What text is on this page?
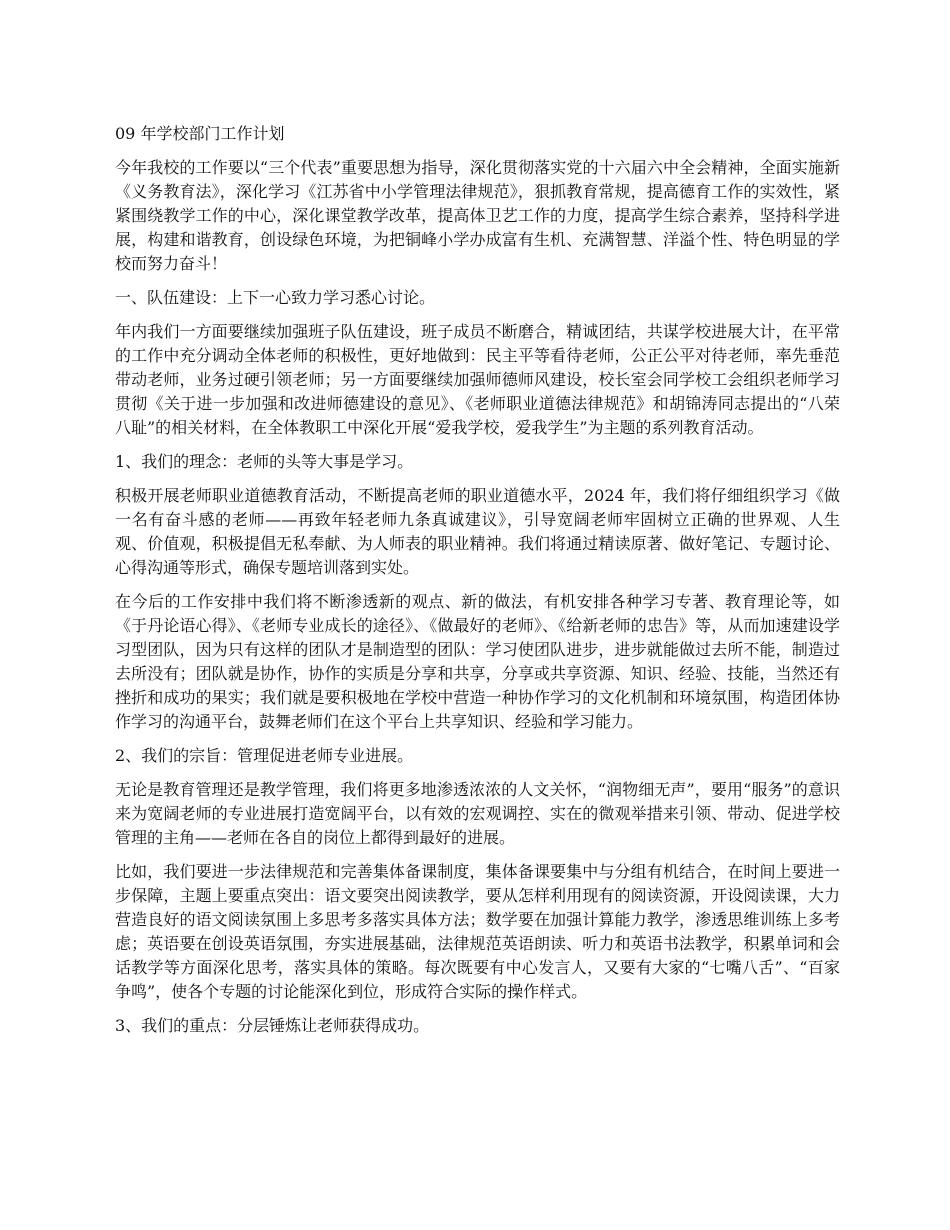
09 年学校部门工作计划

今年我校的工作要以“三个代表”重要思想为指导，深化贯彻落实党的十六届六中全会精神，全面实施新《义务教育法》，深化学习《江苏省中小学管理法律规范》，狠抓教育常规，提高德育工作的实效性，紧紧围绕教学工作的中心，深化课堂教学改革，提高体卫艺工作的力度，提高学生综合素养，坚持科学进展，构建和谐教育，创设绿色环境，为把铜峰小学办成富有生机、充满智慧、洋溢个性、特色明显的学校而努力奋斗！

一、队伍建设：上下一心致力学习悉心讨论。

年内我们一方面要继续加强班子队伍建设，班子成员不断磨合，精诚团结，共谋学校进展大计，在平常的工作中充分调动全体老师的积极性，更好地做到：民主平等看待老师，公正公平对待老师，率先垂范带动老师，业务过硬引领老师；另一方面要继续加强师德师风建设，校长室会同学校工会组织老师学习贯彻《关于进一步加强和改进师德建设的意见》、《老师职业道德法律规范》和胡锦涛同志提出的“八荣八耻”的相关材料，在全体教职工中深化开展“爱我学校，爱我学生”为主题的系列教育活动。

1、我们的理念：老师的头等大事是学习。

积极开展老师职业道德教育活动，不断提高老师的职业道德水平，2024 年，我们将仔细组织学习《做一名有奋斗感的老师——再致年轻老师九条真诚建议》，引导宽阔老师牢固树立正确的世界观、人生观、价值观，积极提倡无私奉献、为人师表的职业精神。我们将通过精读原著、做好笔记、专题讨论、心得沟通等形式，确保专题培训落到实处。

在今后的工作安排中我们将不断渗透新的观点、新的做法，有机安排各种学习专著、教育理论等，如《于丹论语心得》、《老师专业成长的途径》、《做最好的老师》、《给新老师的忠告》等，从而加速建设学习型团队，因为只有这样的团队才是制造型的团队：学习使团队进步，进步就能做过去所不能，制造过去所没有；团队就是协作，协作的实质是分享和共享，分享或共享资源、知识、经验、技能，当然还有挫折和成功的果实；我们就是要积极地在学校中营造一种协作学习的文化机制和环境氛围，构造团体协作学习的沟通平台，鼓舞老师们在这个平台上共享知识、经验和学习能力。

2、我们的宗旨：管理促进老师专业进展。

无论是教育管理还是教学管理，我们将更多地渗透浓浓的人文关怀，“润物细无声”，要用“服务”的意识来为宽阔老师的专业进展打造宽阔平台，以有效的宏观调控、实在的微观举措来引领、带动、促进学校管理的主角——老师在各自的岗位上都得到最好的进展。

比如，我们要进一步法律规范和完善集体备课制度，集体备课要集中与分组有机结合，在时间上要进一步保障，主题上要重点突出：语文要突出阅读教学，要从怎样利用现有的阅读资源，开设阅读课，大力营造良好的语文阅读氛围上多思考多落实具体方法；数学要在加强计算能力教学，渗透思维训练上多考虑；英语要在创设英语氛围，夯实进展基础，法律规范英语朗读、听力和英语书法教学，积累单词和会话教学等方面深化思考，落实具体的策略。每次既要有中心发言人，又要有大家的“七嘴八舌”、“百家争鸣”，使各个专题的讨论能深化到位，形成符合实际的操作样式。

3、我们的重点：分层锤炼让老师获得成功。
